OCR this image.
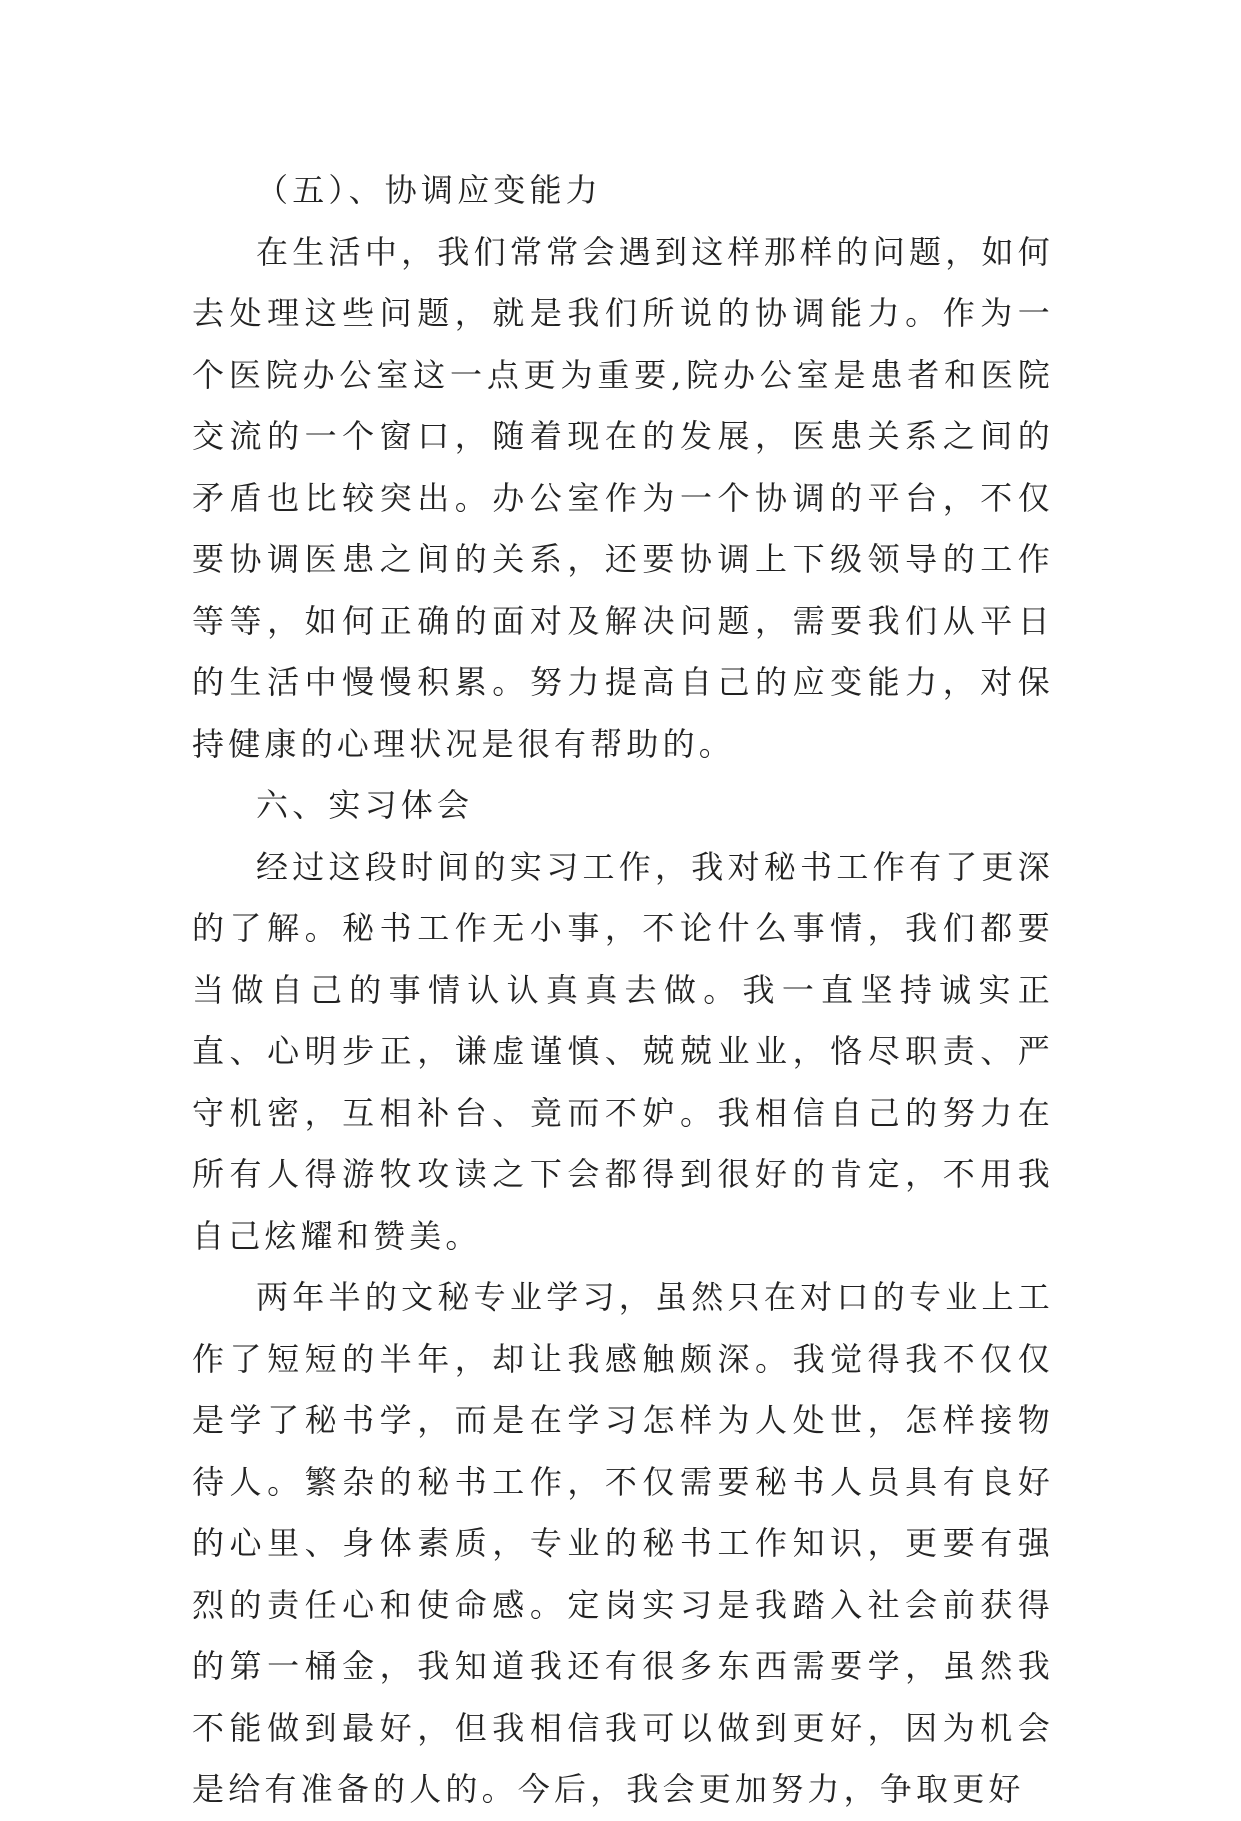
（五）、协调应变能力

在生活中，我们常常会遇到这样那样的问题，如何去处理这些问题，就是我们所说的协调能力。作为一个医院办公室这一点更为重要,院办公室是患者和医院交流的一个窗口，随着现在的发展，医患关系之间的矛盾也比较突出。办公室作为一个协调的平台，不仅要协调医患之间的关系，还要协调上下级领导的工作等等，如何正确的面对及解决问题，需要我们从平日的生活中慢慢积累。努力提高自己的应变能力，对保持健康的心理状况是很有帮助的。

六、实习体会

经过这段时间的实习工作，我对秘书工作有了更深的了解。秘书工作无小事，不论什么事情，我们都要当做自己的事情认认真真去做。我一直坚持诚实正直、心明步正，谦虚谨慎、兢兢业业，恪尽职责、严守机密，互相补台、竟而不妒。我相信自己的努力在所有人得游牧攻读之下会都得到很好的肯定，不用我自己炫耀和赞美。

两年半的文秘专业学习，虽然只在对口的专业上工作了短短的半年，却让我感触颇深。我觉得我不仅仅是学了秘书学，而是在学习怎样为人处世，怎样接物待人。繁杂的秘书工作，不仅需要秘书人员具有良好的心里、身体素质，专业的秘书工作知识，更要有强烈的责任心和使命感。定岗实习是我踏入社会前获得的第一桶金，我知道我还有很多东西需要学，虽然我不能做到最好，但我相信我可以做到更好，因为机会是给有准备的人的。今后，我会更加努力，争取更好
